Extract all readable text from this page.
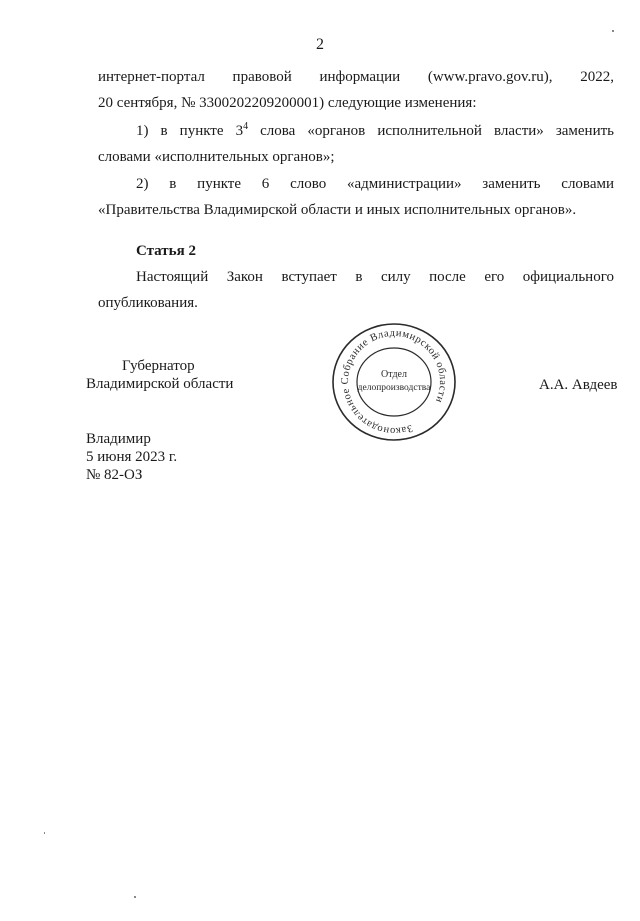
2

интернет-портал правовой информации (www.pravo.gov.ru), 2022,

20 сентября, № 3300202209200001) следующие изменения:

1) в пункте $3^4$ слова «органов исполнительной власти» заменить

словами «исполнительных органов»;

2) в пункте 6 слово «администрации» заменить словами

«Правительства Владимирской области и иных исполнительных органов».

Статья 2

Настоящий Закон вступает в силу после его официального

опубликования.

Губернатор

Владимирской области

Законодательное Собрание Владимирской области
Отдел
делопроизводства	А.А. Авдеев

Владимир

5 июня 2023 г.

№ 82-ОЗ
